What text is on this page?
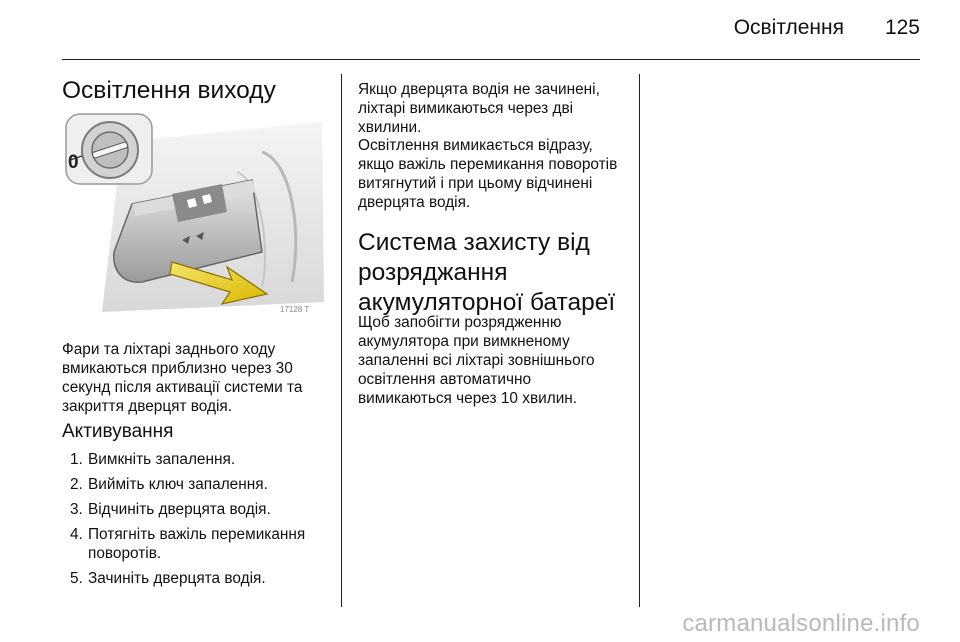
Освітлення 125
Освітлення виходу
0
17128 T

Фари та ліхтарі заднього ходу вмикаються приблизно через 30 секунд після активації системи та закриття дверцят водія.

Активування
1. Вимкніть запалення.
2. Вийміть ключ запалення.
3. Відчиніть дверцята водія.
4. Потягніть важіль перемикання поворотів.
5. Зачиніть дверцята водія.

Якщо дверцята водія не зачинені, ліхтарі вимикаються через дві хвилини.

Освітлення вимикається відразу, якщо важіль перемикання поворотів витягнутий і при цьому відчинені дверцята водія.

Система захисту від розряджання акумуляторної батареї

Щоб запобігти розрядженню акумулятора при вимкненому запаленні всі ліхтарі зовнішнього освітлення автоматично вимикаються через 10 хвилин.

carmanualsonline.info
